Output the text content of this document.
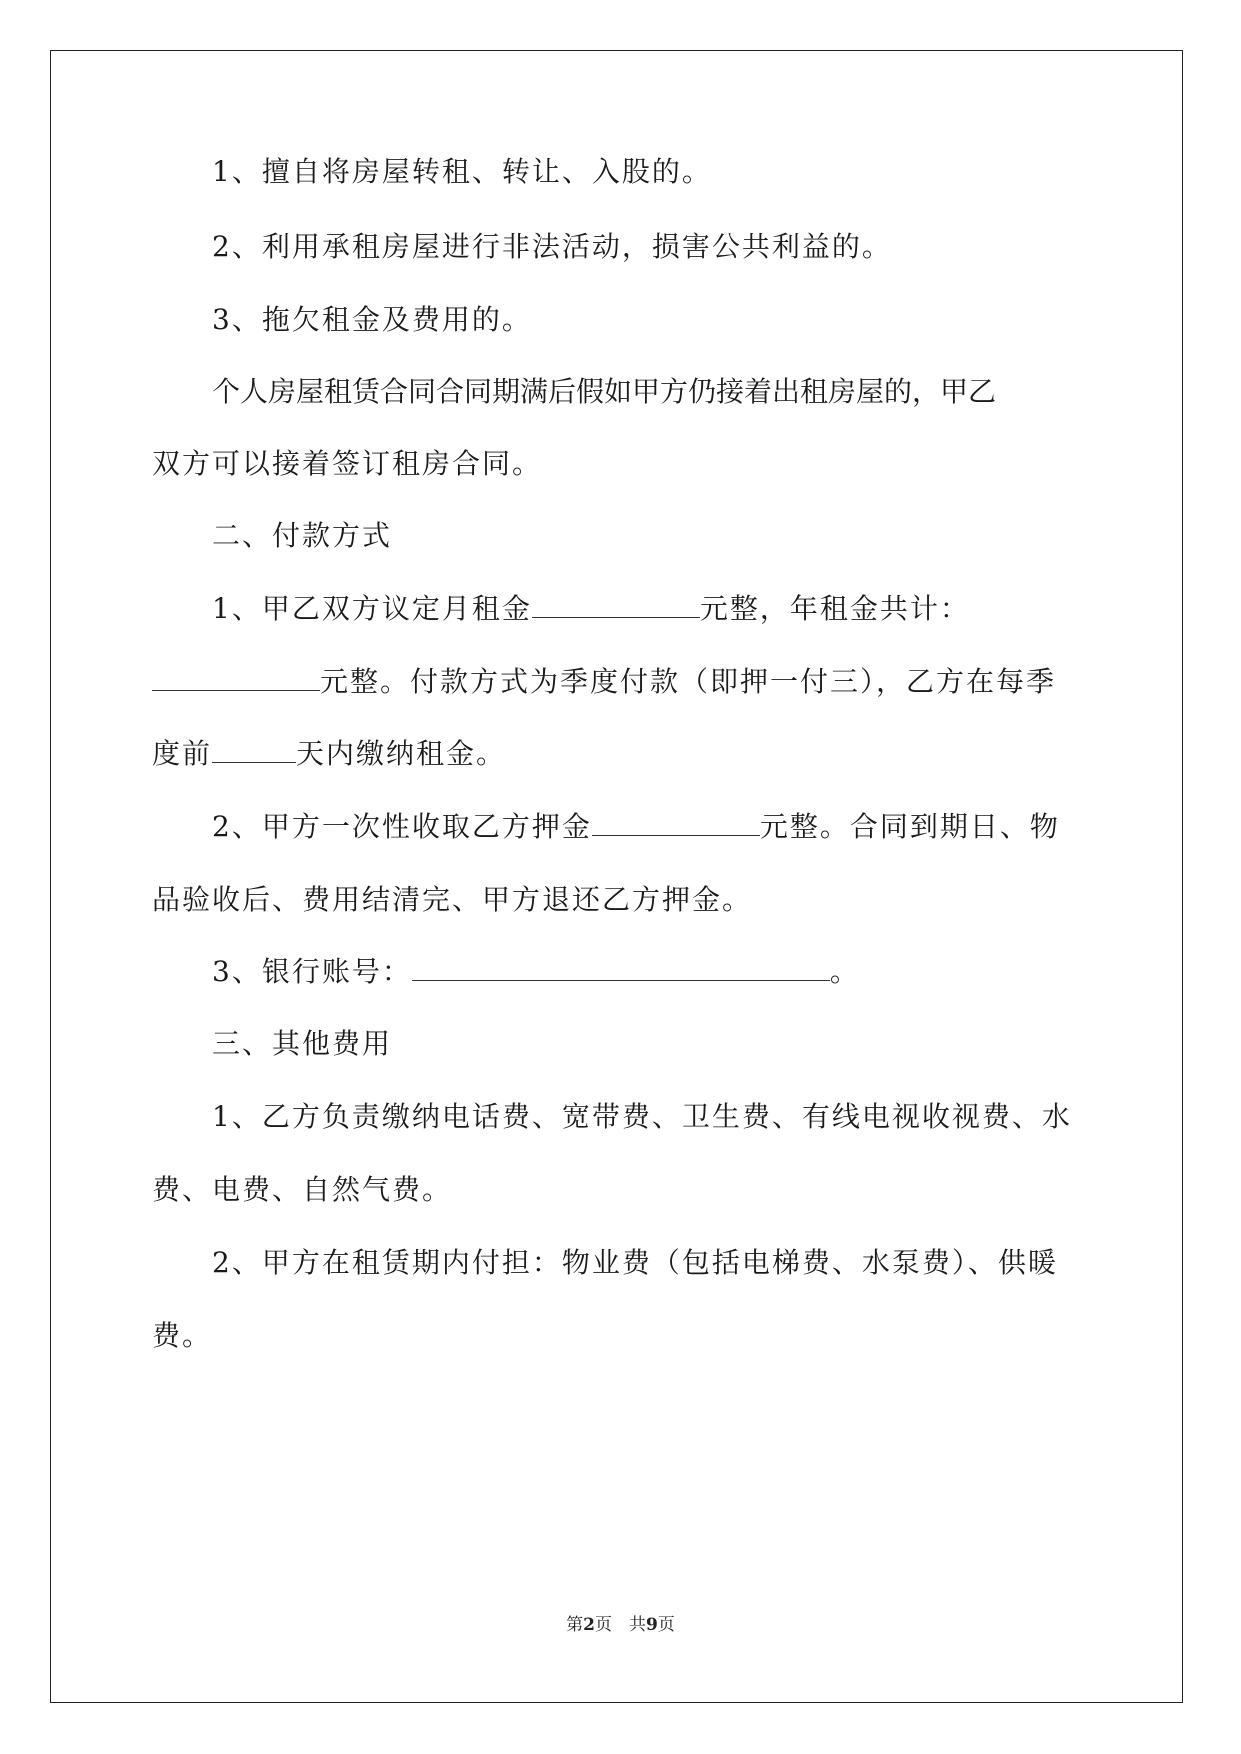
1、擅自将房屋转租、转让、入股的。
2、利用承租房屋进行非法活动，损害公共利益的。
3、拖欠租金及费用的。
个人房屋租赁合同合同期满后假如甲方仍接着出租房屋的，甲乙
双方可以接着签订租房合同。
二、付款方式
1、甲乙双方议定月租金	元整，年租金共计：
元整。付款方式为季度付款（即押一付三），乙方在每季
度前	天内缴纳租金。
2、甲方一次性收取乙方押金	元整。合同到期日、物
品验收后、费用结清完、甲方退还乙方押金。
3、银行账号：	。
三、其他费用
1、乙方负责缴纳电话费、宽带费、卫生费、有线电视收视费、水
费、电费、自然气费。
2、甲方在租赁期内付担：物业费（包括电梯费、水泵费）、供暖
费。
第2页　共9页
